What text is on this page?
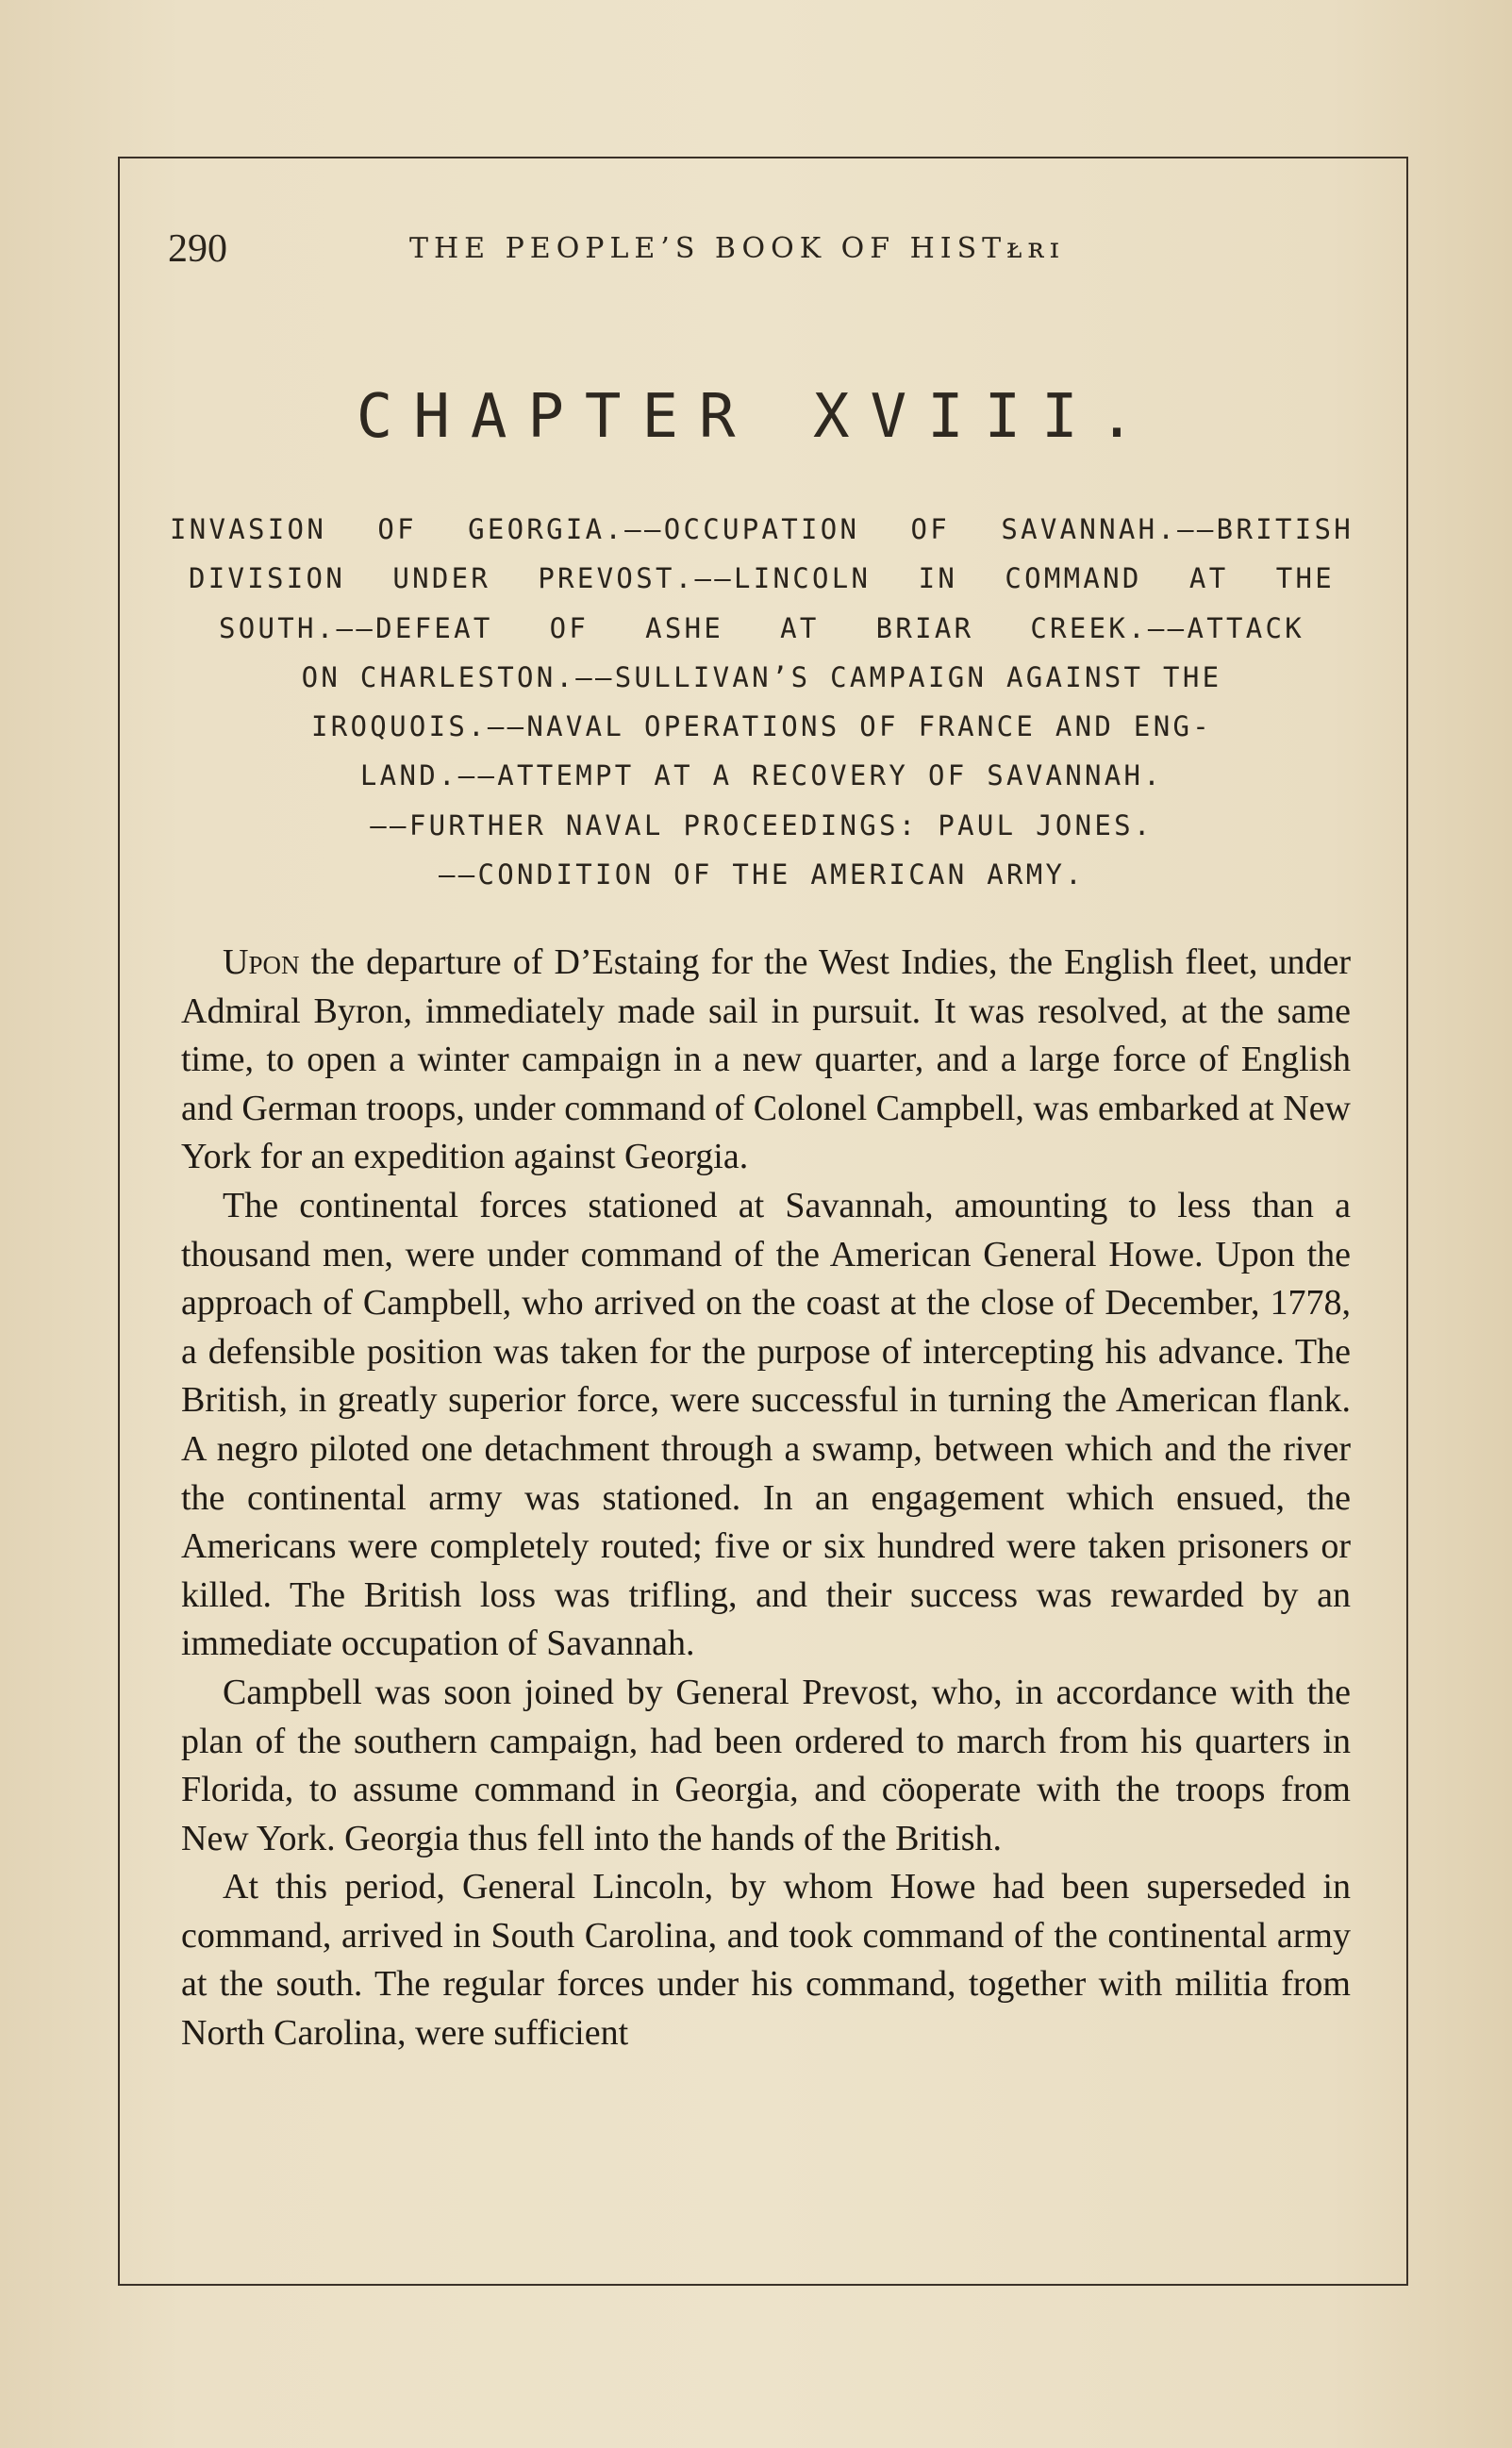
290	THE PEOPLE’S BOOK OF HISTᴌʀɪ
CHAPTER XVIII.
INVASION OF GEORGIA.——OCCUPATION OF SAVANNAH.——BRITISH
DIVISION UNDER PREVOST.——LINCOLN IN COMMAND AT THE
SOUTH.——DEFEAT OF ASHE AT BRIAR CREEK.——ATTACK
ON CHARLESTON.——SULLIVAN’S CAMPAIGN AGAINST THE
IROQUOIS.——NAVAL OPERATIONS OF FRANCE AND ENG-
LAND.——ATTEMPT AT A RECOVERY OF SAVANNAH.
——FURTHER NAVAL PROCEEDINGS: PAUL JONES.
——CONDITION OF THE AMERICAN ARMY.

Upon the departure of D’Estaing for the West Indies, the English fleet, under Admiral Byron, immediately made sail in pursuit. It was resolved, at the same time, to open a winter campaign in a new quarter, and a large force of English and German troops, under command of Colonel Campbell, was embarked at New York for an expedition against Georgia.

The continental forces stationed at Savannah, amounting to less than a thousand men, were under command of the American General Howe. Upon the approach of Campbell, who arrived on the coast at the close of December, 1778, a defensible position was taken for the purpose of intercepting his advance. The British, in greatly superior force, were successful in turning the American flank. A negro piloted one detachment through a swamp, between which and the river the continental army was stationed. In an engagement which ensued, the Americans were completely routed; five or six hundred were taken prisoners or killed. The British loss was trifling, and their success was rewarded by an immediate occupation of Savannah.

Campbell was soon joined by General Prevost, who, in accordance with the plan of the southern campaign, had been ordered to march from his quarters in Florida, to assume command in Georgia, and cöoperate with the troops from New York. Georgia thus fell into the hands of the British.

At this period, General Lincoln, by whom Howe had been superseded in command, arrived in South Carolina, and took command of the continental army at the south. The regular forces under his command, together with militia from North Carolina, were sufficient
